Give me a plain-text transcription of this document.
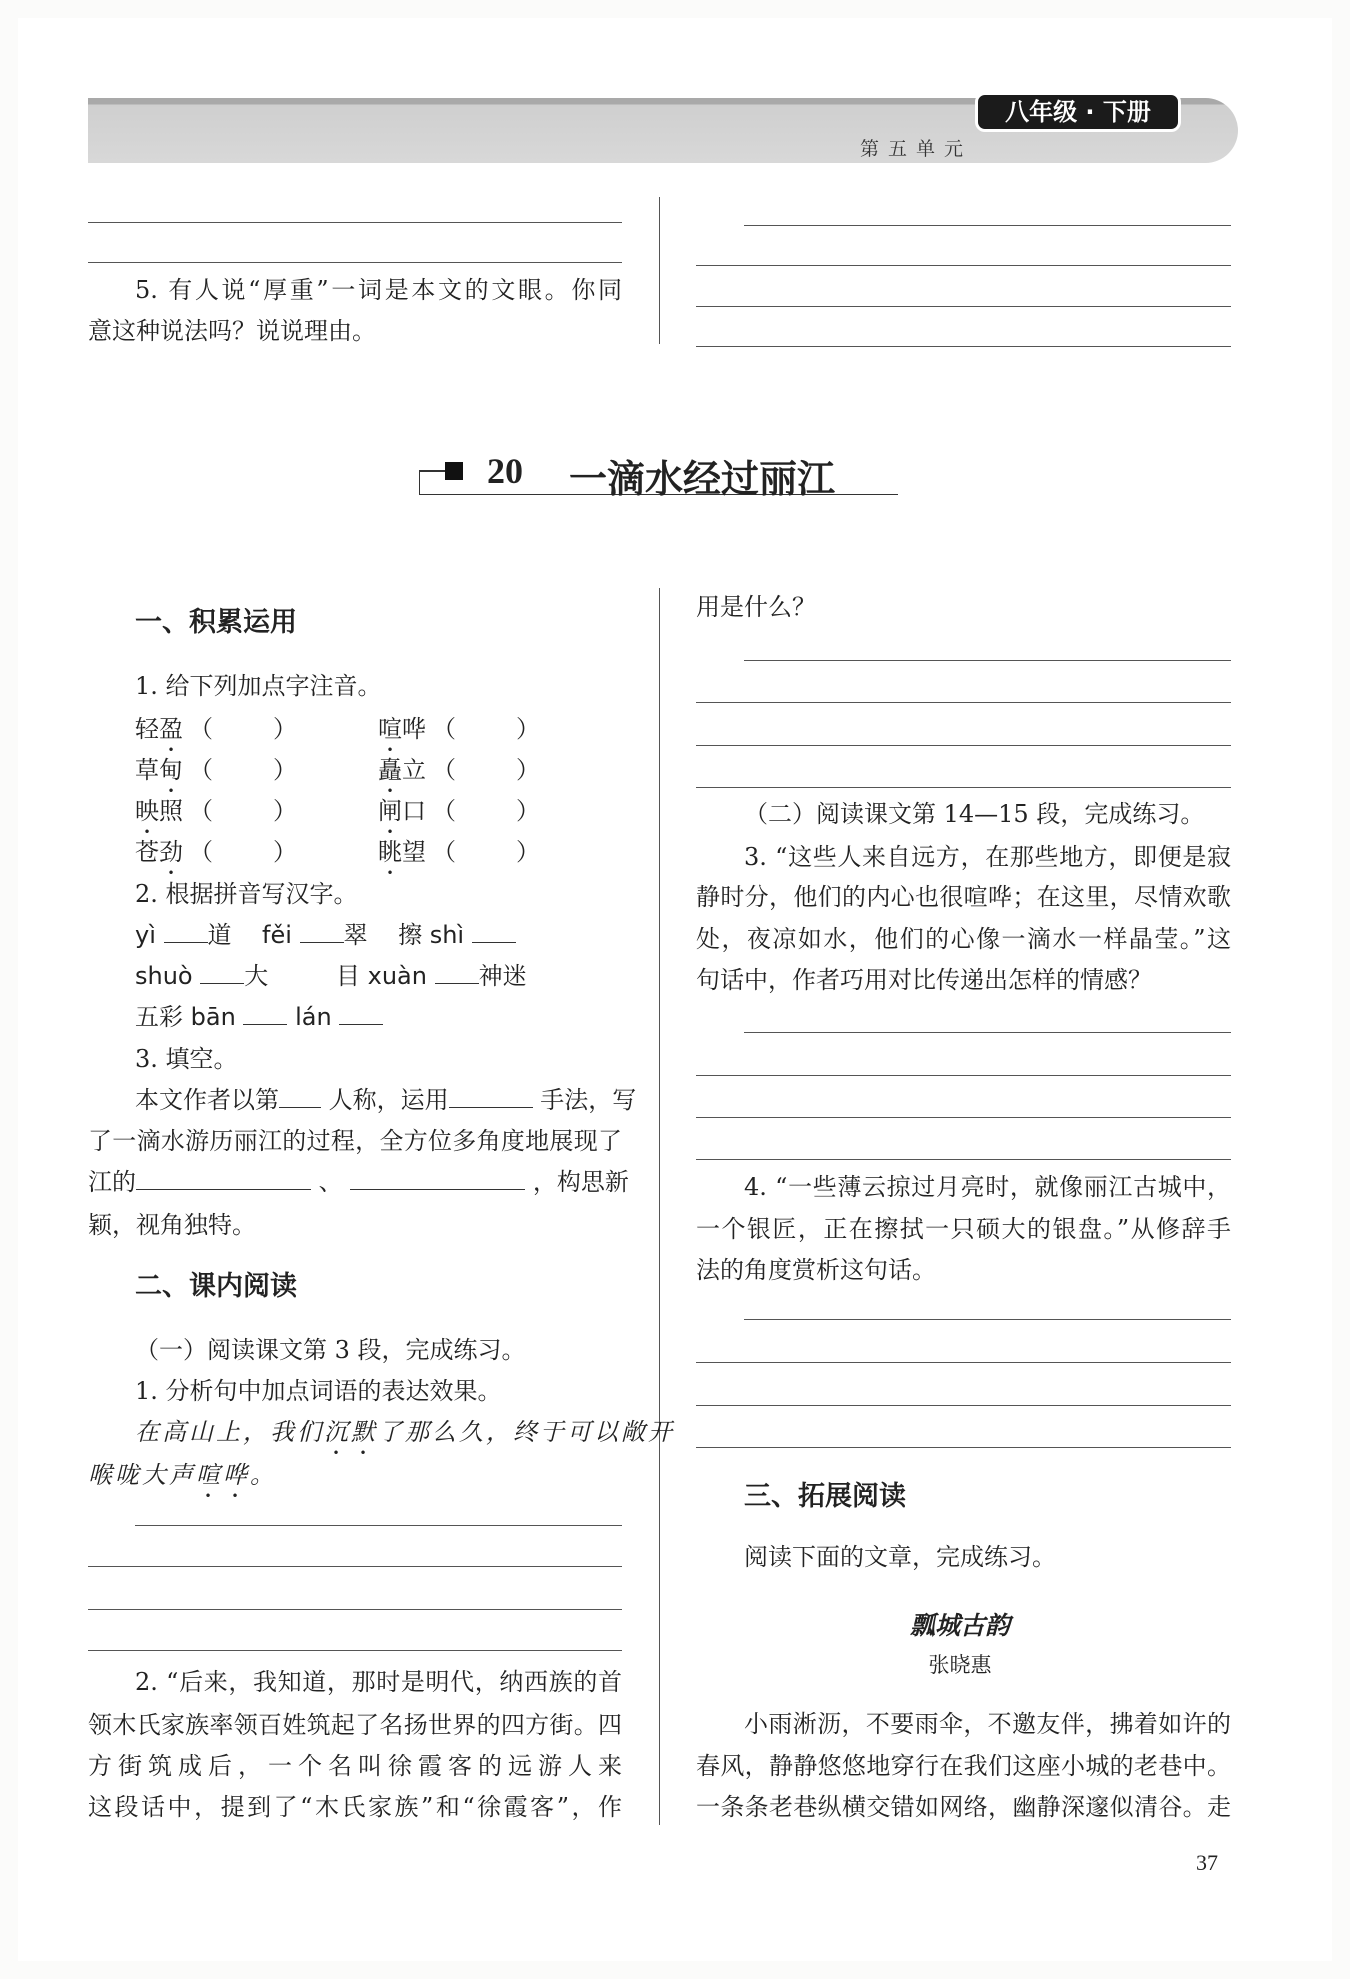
八年级 · 下册
第五单元
5. 有人说“厚重”一词是本文的文眼。你同
意这种说法吗？说说理由。
20 一滴水经过丽江
一、积累运用
1. 给下列加点字注音。
轻盈 （　　）	喧哗 （　　）
草甸 （　　）	矗立 （　　）
映照 （　　）	闸口 （　　）
苍劲 （　　）	眺望 （　　）
2. 根据拼音写汉字。
yì 道 fěi 翠 擦 shì
shuò 大	目 xuàn 神迷
五彩 bān lán
3. 填空。
本文作者以第 人称，运用	手法，写
了一滴水游历丽江的过程，全方位多角度地展现了
江的	、	，构思新
颖，视角独特。
二、课内阅读
（一）阅读课文第 3 段，完成练习。
1. 分析句中加点词语的表达效果。
在高山上，我们沉默了那么久，终于可以敞开
喉咙大声喧哗。
2. “后来，我知道，那时是明代，纳西族的首
领木氏家族率领百姓筑起了名扬世界的四方街。四
方街筑成后，一个名叫徐霞客的远游人来
这段话中，提到了“木氏家族”和“徐霞客”，作
用是什么？
（二）阅读课文第 14—15 段，完成练习。
3. “这些人来自远方，在那些地方，即便是寂
静时分，他们的内心也很喧哗；在这里，尽情欢歌
处，夜凉如水，他们的心像一滴水一样晶莹。”这
句话中，作者巧用对比传递出怎样的情感？
4. “一些薄云掠过月亮时，就像丽江古城中，
一个银匠，正在擦拭一只硕大的银盘。”从修辞手
法的角度赏析这句话。
三、拓展阅读
阅读下面的文章，完成练习。
瓢城古韵
张晓惠
小雨淅沥，不要雨伞，不邀友伴，拂着如许的
春风，静静悠悠地穿行在我们这座小城的老巷中。
一条条老巷纵横交错如网络，幽静深邃似清谷。走
37
